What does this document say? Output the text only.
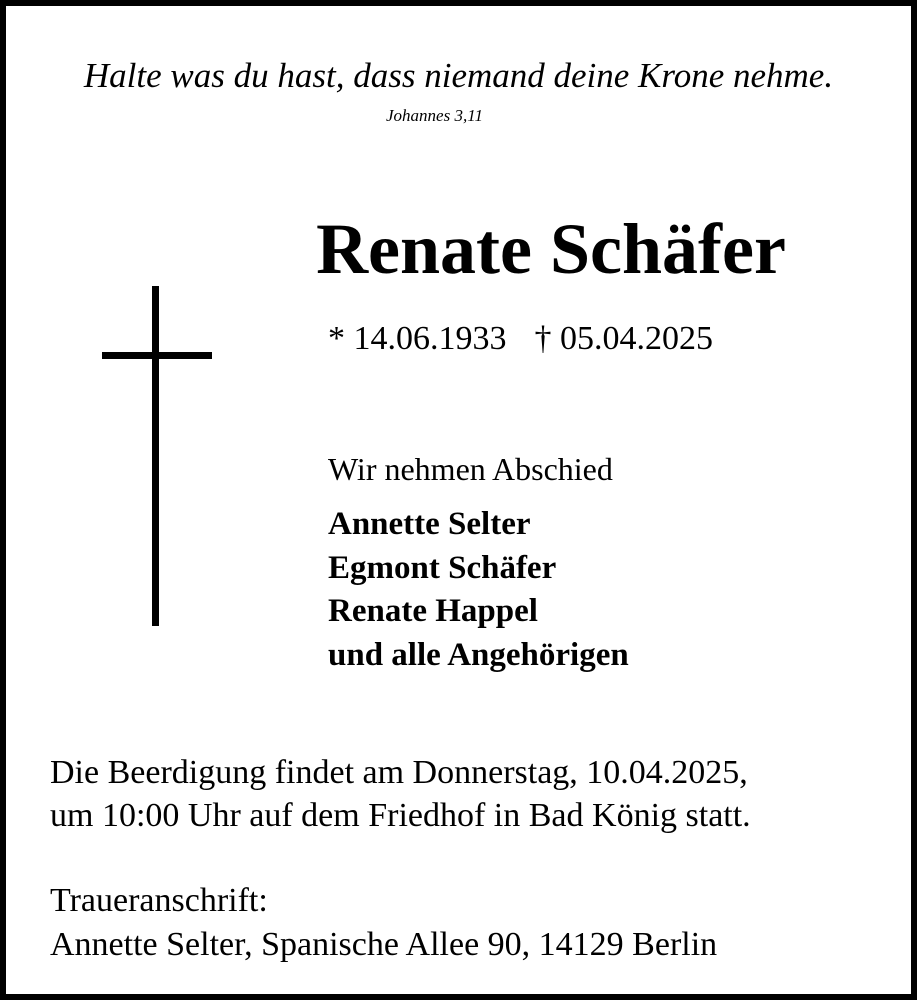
Halte was du hast, dass niemand deine Krone nehme.
Johannes 3,11
Renate Schäfer
* 14.06.1933 † 05.04.2025
Wir nehmen Abschied
Annette Selter
Egmont Schäfer
Renate Happel
und alle Angehörigen
Die Beerdigung findet am Donnerstag, 10.04.2025,
um 10:00 Uhr auf dem Friedhof in Bad König statt.
Traueranschrift:
Annette Selter, Spanische Allee 90, 14129 Berlin
